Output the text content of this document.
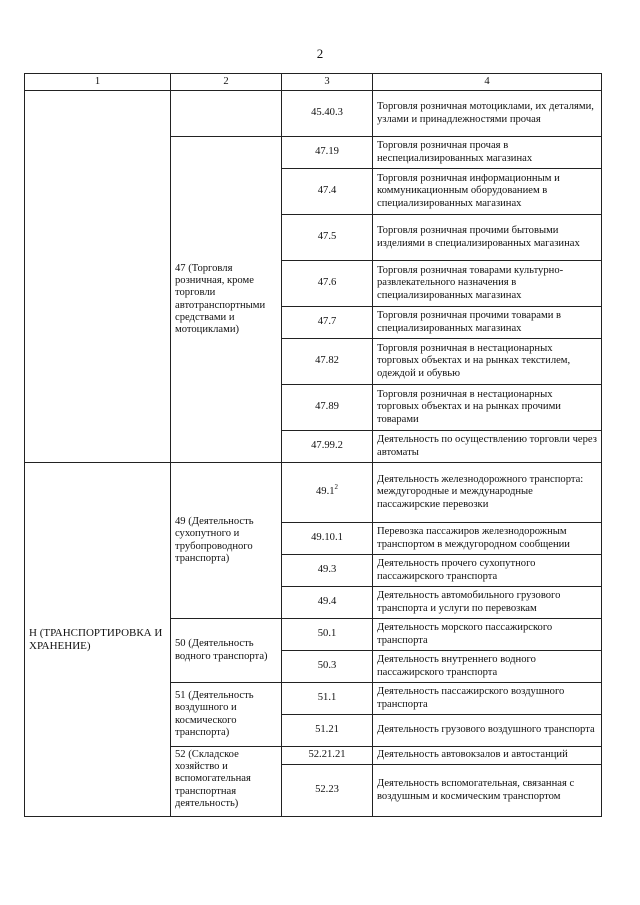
2
1	2	3	4
		45.40.3	Торговля розничная мотоциклами, их деталями, узлами и принадлежностями прочая
	47 (Торговля розничная, кроме торговли автотранспортными средствами и мотоциклами)	47.19	Торговля розничная прочая в неспециализированных магазинах
		47.4	Торговля розничная информационным и коммуникационным оборудованием в специализированных магазинах
		47.5	Торговля розничная прочими бытовыми изделиями в специализированных магазинах
		47.6	Торговля розничная товарами культурно-развлекательного назначения в специализированных магазинах
		47.7	Торговля розничная прочими товарами в специализированных магазинах
		47.82	Торговля розничная в нестационарных торговых объектах и на рынках текстилем, одеждой и обувью
		47.89	Торговля розничная в нестационарных торговых объектах и на рынках прочими товарами
		47.99.2	Деятельность по осуществлению торговли через автоматы
Н (ТРАНСПОРТИРОВКА И ХРАНЕНИЕ)	49 (Деятельность сухопутного и трубопроводного транспорта)	49.1$^2$	Деятельность железнодорожного транспорта: междугородные и международные пассажирские перевозки
		49.10.1	Перевозка пассажиров железнодорожным транспортом в междугородном сообщении
		49.3	Деятельность прочего сухопутного пассажирского транспорта
		49.4	Деятельность автомобильного грузового транспорта и услуги по перевозкам
	50 (Деятельность водного транспорта)	50.1	Деятельность морского пассажирского транспорта
		50.3	Деятельность внутреннего водного пассажирского транспорта
	51 (Деятельность воздушного и космического транспорта)	51.1	Деятельность пассажирского воздушного транспорта
		51.21	Деятельность грузового воздушного транспорта
	52 (Складское хозяйство и вспомогательная транспортная деятельность)	52.21.21	Деятельность автовокзалов и автостанций
		52.23	Деятельность вспомогательная, связанная с воздушным и космическим транспортом
